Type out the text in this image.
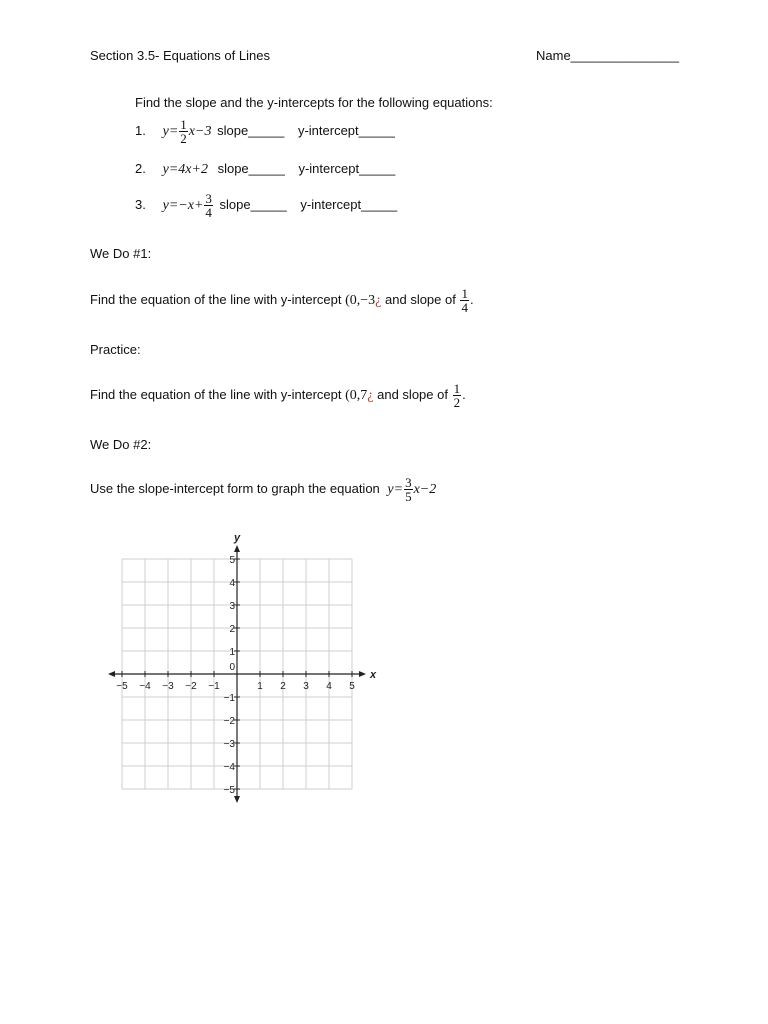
Section 3.5- Equations of Lines	Name_______________
Find the slope and the y-intercepts for the following equations:
1. $y= \frac{1}{2} x-3$ slope_____ y-intercept_____
2. y=4x+2 slope_____ y-intercept_____
3. $y=-x+ \frac{3}{4}$ slope_____ y-intercept_____
We Do #1:
Find the equation of the line with y-intercept (0,−3¿ and slope of $\frac{1}{4}$ .
Practice:
Find the equation of the line with y-intercept (0,7¿ and slope of $\frac{1}{2}$ .
We Do #2:
Use the slope-intercept form to graph the equation $y= \frac{3}{5} x-2$
−5 −4 −3 −2 −1	1 2 3 4 5
5
4
3
2
1
−1
−2
−3
−4
−5
0
x
y
